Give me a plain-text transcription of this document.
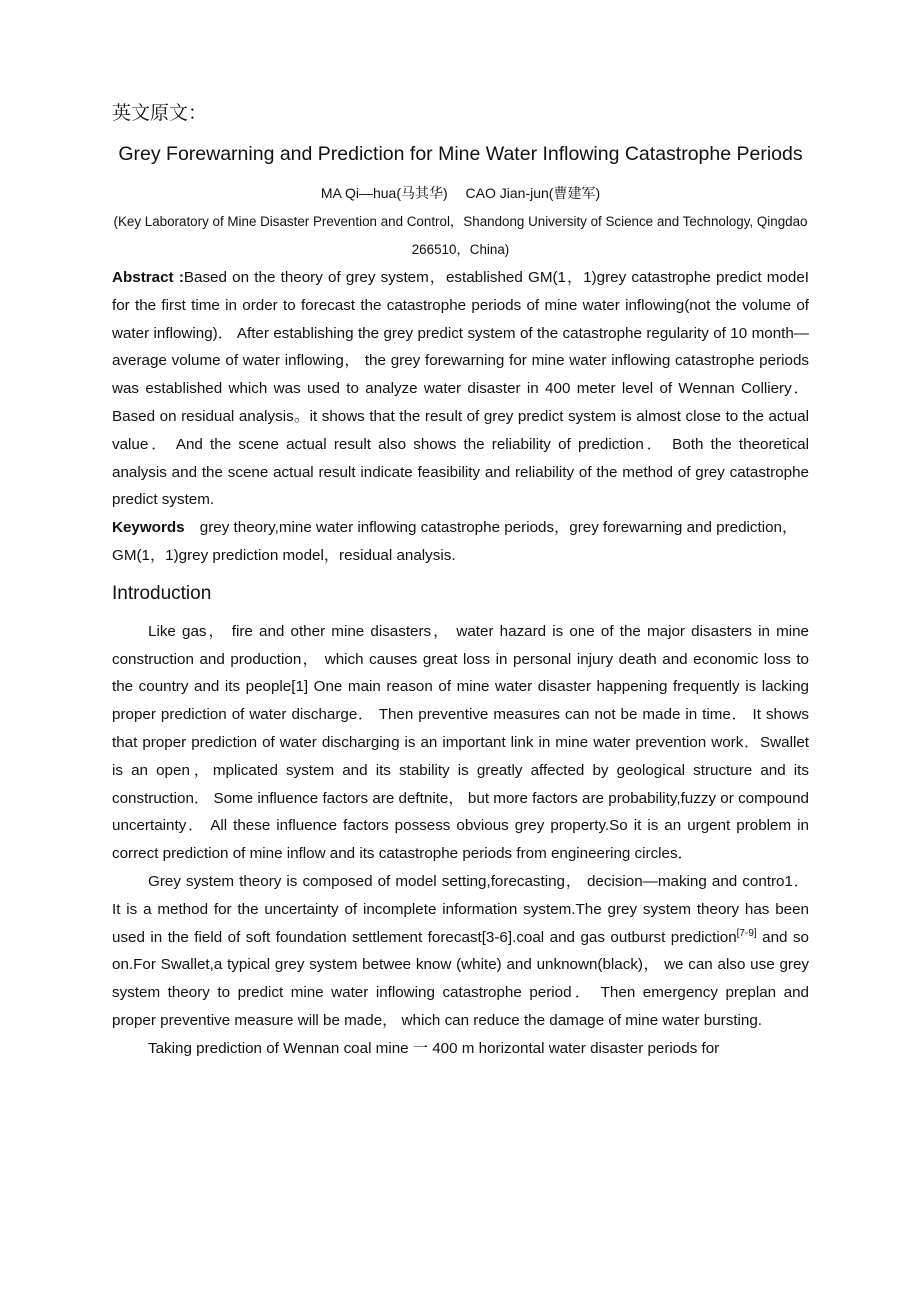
英文原文：

Grey Forewarning and Prediction for Mine Water Inflowing Catastrophe Periods

MA Qi—hua(马其华)　 CAO Jian-jun(曹建军)

(Key Laboratory of Mine Disaster Prevention and Control，Shandong University of Science and Technology, Qingdao 266510，China)

Abstract :Based on the theory of grey system，established GM(1，1)grey catastrophe predict modeI for the first time in order to forecast the catastrophe periods of mine water inflowing(not the volume of water inflowing)． After establishing the grey predict system of the catastrophe regularity of 10 month—average volume of water inflowing， the grey forewarning for mine water inflowing catastrophe periods was established which was used to analyze water disaster in 400 meter level of Wennan Colliery．Based on residual analysis。it shows that the result of grey predict system is almost close to the actual value． And the scene actual result also shows the reliability of prediction． Both the theoretical analysis and the scene actual result indicate feasibility and reliability of the method of grey catastrophe predict system.

Keywords　 grey theory,mine water inflowing catastrophe periods，grey forewarning and prediction，GM(1，1)grey prediction model，residual analysis.

Introduction

Like gas， fire and other mine disasters， water hazard is one of the major disasters in mine construction and production， which causes great loss in personal injury death and economic loss to the country and its people[1] One main reason of mine water disaster happening frequently is lacking proper prediction of water discharge． Then preventive measures can not be made in time． It shows that proper prediction of water discharging is an important link in mine water prevention work．Swallet is an open，mplicated system and its stability is greatly affected by geological structure and its construction． Some influence factors are deftnite， but more factors are probability,fuzzy or compound uncertainty． All these influence factors possess obvious grey property.So it is an urgent problem in correct prediction of mine inflow and its catastrophe periods from engineering circles．

Grey system theory is composed of model setting,forecasting， decision—making and contro1． It is a method for the uncertainty of incomplete information system.The grey system theory has been used in the field of soft foundation settlement forecast[3-6].coal and gas outburst prediction[7-9] and so on.For Swallet,a typical grey system betwee know (white) and unknown(black)， we can also use grey system theory to predict mine water inflowing catastrophe period． Then emergency preplan and proper preventive measure will be made， which can reduce the damage of mine water bursting.

Taking prediction of Wennan coal mine 一 400 m horizontal water disaster periods for
